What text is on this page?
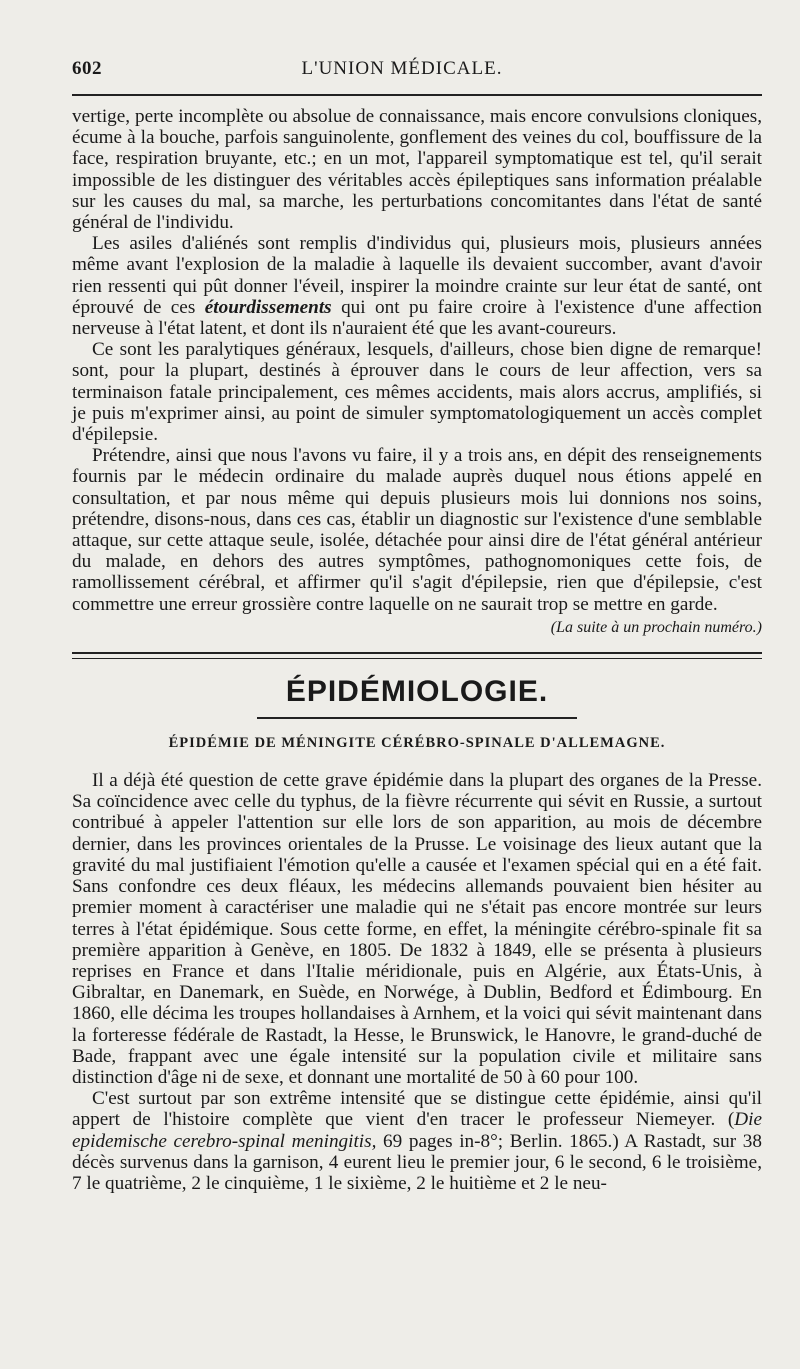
602	L'UNION MÉDICALE.

vertige, perte incomplète ou absolue de connaissance, mais encore convulsions cloniques, écume à la bouche, parfois sanguinolente, gonflement des veines du col, bouffissure de la face, respiration bruyante, etc.; en un mot, l'appareil symptomatique est tel, qu'il serait impossible de les distinguer des véritables accès épileptiques sans information préalable sur les causes du mal, sa marche, les perturbations concomitantes dans l'état de santé général de l'individu.

Les asiles d'aliénés sont remplis d'individus qui, plusieurs mois, plusieurs années même avant l'explosion de la maladie à laquelle ils devaient succomber, avant d'avoir rien ressenti qui pût donner l'éveil, inspirer la moindre crainte sur leur état de santé, ont éprouvé de ces étourdissements qui ont pu faire croire à l'existence d'une affection nerveuse à l'état latent, et dont ils n'auraient été que les avant-coureurs.

Ce sont les paralytiques généraux, lesquels, d'ailleurs, chose bien digne de remarque! sont, pour la plupart, destinés à éprouver dans le cours de leur affection, vers sa terminaison fatale principalement, ces mêmes accidents, mais alors accrus, amplifiés, si je puis m'exprimer ainsi, au point de simuler symptomatologiquement un accès complet d'épilepsie.

Prétendre, ainsi que nous l'avons vu faire, il y a trois ans, en dépit des renseignements fournis par le médecin ordinaire du malade auprès duquel nous étions appelé en consultation, et par nous même qui depuis plusieurs mois lui donnions nos soins, prétendre, disons-nous, dans ces cas, établir un diagnostic sur l'existence d'une semblable attaque, sur cette attaque seule, isolée, détachée pour ainsi dire de l'état général antérieur du malade, en dehors des autres symptômes, pathognomoniques cette fois, de ramollissement cérébral, et affirmer qu'il s'agit d'épilepsie, rien que d'épilepsie, c'est commettre une erreur grossière contre laquelle on ne saurait trop se mettre en garde.

(La suite à un prochain numéro.)
ÉPIDÉMIOLOGIE.
ÉPIDÉMIE DE MÉNINGITE CÉRÉBRO-SPINALE D'ALLEMAGNE.

Il a déjà été question de cette grave épidémie dans la plupart des organes de la Presse. Sa coïncidence avec celle du typhus, de la fièvre récurrente qui sévit en Russie, a surtout contribué à appeler l'attention sur elle lors de son apparition, au mois de décembre dernier, dans les provinces orientales de la Prusse. Le voisinage des lieux autant que la gravité du mal justifiaient l'émotion qu'elle a causée et l'examen spécial qui en a été fait. Sans confondre ces deux fléaux, les médecins allemands pouvaient bien hésiter au premier moment à caractériser une maladie qui ne s'était pas encore montrée sur leurs terres à l'état épidémique. Sous cette forme, en effet, la méningite cérébro-spinale fit sa première apparition à Genève, en 1805. De 1832 à 1849, elle se présenta à plusieurs reprises en France et dans l'Italie méridionale, puis en Algérie, aux États-Unis, à Gibraltar, en Danemark, en Suède, en Norwége, à Dublin, Bedford et Édimbourg. En 1860, elle décima les troupes hollandaises à Arnhem, et la voici qui sévit maintenant dans la forteresse fédérale de Rastadt, la Hesse, le Brunswick, le Hanovre, le grand-duché de Bade, frappant avec une égale intensité sur la population civile et militaire sans distinction d'âge ni de sexe, et donnant une mortalité de 50 à 60 pour 100.

C'est surtout par son extrême intensité que se distingue cette épidémie, ainsi qu'il appert de l'histoire complète que vient d'en tracer le professeur Niemeyer. (Die epidemische cerebro-spinal meningitis, 69 pages in-8°; Berlin. 1865.) A Rastadt, sur 38 décès survenus dans la garnison, 4 eurent lieu le premier jour, 6 le second, 6 le troisième, 7 le quatrième, 2 le cinquième, 1 le sixième, 2 le huitième et 2 le neu-
